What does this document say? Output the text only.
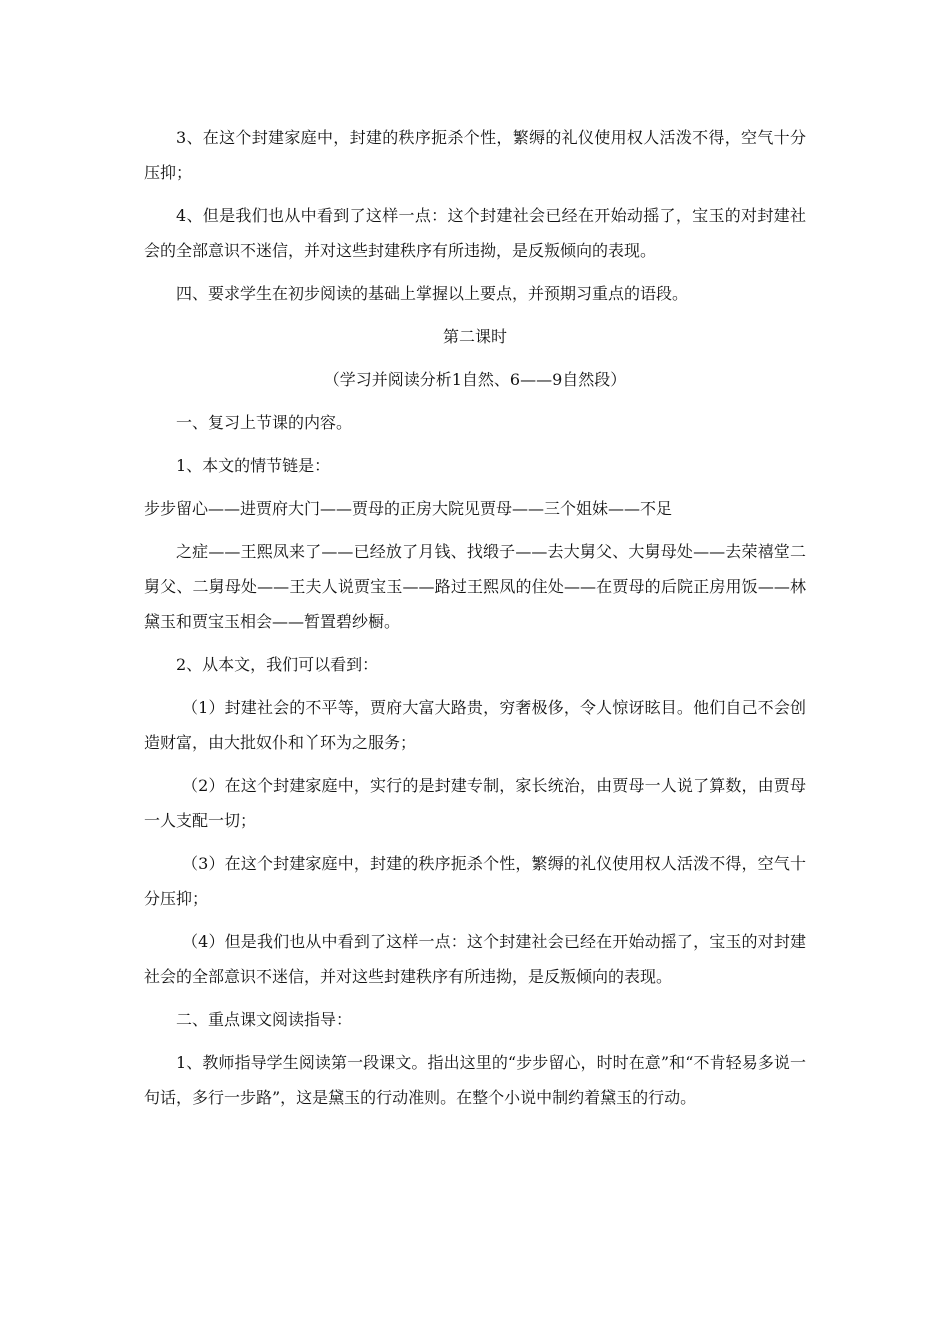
3、在这个封建家庭中，封建的秩序扼杀个性，繁缛的礼仪使用权人活泼不得，空气十分压抑；

4、但是我们也从中看到了这样一点：这个封建社会已经在开始动摇了，宝玉的对封建社会的全部意识不迷信，并对这些封建秩序有所违拗，是反叛倾向的表现。

四、要求学生在初步阅读的基础上掌握以上要点，并预期习重点的语段。

第二课时

（学习并阅读分析1自然、6——9自然段）

一、复习上节课的内容。

1、本文的情节链是：

步步留心——进贾府大门——贾母的正房大院见贾母——三个姐妹——不足

之症——王熙凤来了——已经放了月钱、找缎子——去大舅父、大舅母处——去荣禧堂二舅父、二舅母处——王夫人说贾宝玉——路过王熙凤的住处——在贾母的后院正房用饭——林黛玉和贾宝玉相会——暂置碧纱橱。

2、从本文，我们可以看到：

（1）封建社会的不平等，贾府大富大路贵，穷奢极侈，令人惊讶眩目。他们自己不会创造财富，由大批奴仆和丫环为之服务；

（2）在这个封建家庭中，实行的是封建专制，家长统治，由贾母一人说了算数，由贾母一人支配一切；

（3）在这个封建家庭中，封建的秩序扼杀个性，繁缛的礼仪使用权人活泼不得，空气十分压抑；

（4）但是我们也从中看到了这样一点：这个封建社会已经在开始动摇了，宝玉的对封建社会的全部意识不迷信，并对这些封建秩序有所违拗，是反叛倾向的表现。

二、重点课文阅读指导：

1、教师指导学生阅读第一段课文。指出这里的“步步留心，时时在意”和“不肯轻易多说一句话，多行一步路”，这是黛玉的行动准则。在整个小说中制约着黛玉的行动。
